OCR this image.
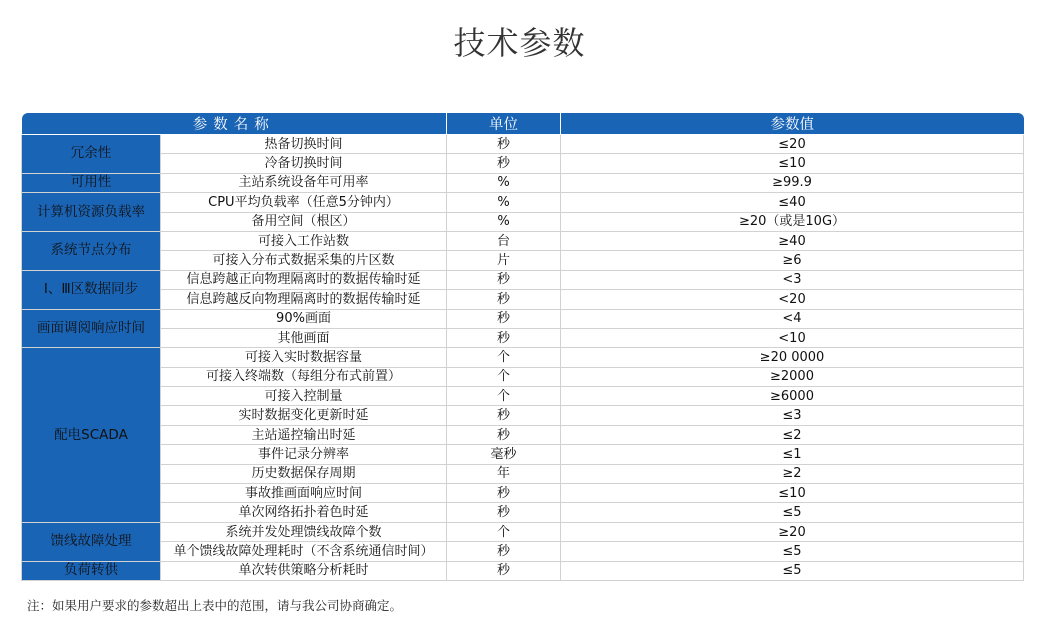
技术参数
参数名称		单位	参数值
冗余性	热备切换时间	秒	≤20
	冷备切换时间	秒	≤10
可用性	主站系统设备年可用率	%	≥99.9
计算机资源负载率	CPU平均负载率（任意5分钟内）	%	≤40
	备用空间（根区）	%	≥20（或是10G）
系统节点分布	可接入工作站数	台	≥40
	可接入分布式数据采集的片区数	片	≥6
Ⅰ、Ⅲ区数据同步	信息跨越正向物理隔离时的数据传输时延	秒	<3
	信息跨越反向物理隔离时的数据传输时延	秒	<20
画面调阅响应时间	90%画面	秒	<4
	其他画面	秒	<10
配电SCADA	可接入实时数据容量	个	≥20 0000
	可接入终端数（每组分布式前置）	个	≥2000
	可接入控制量	个	≥6000
	实时数据变化更新时延	秒	≤3
	主站遥控输出时延	秒	≤2
	事件记录分辨率	毫秒	≤1
	历史数据保存周期	年	≥2
	事故推画面响应时间	秒	≤10
	单次网络拓扑着色时延	秒	≤5
馈线故障处理	系统并发处理馈线故障个数	个	≥20
	单个馈线故障处理耗时（不含系统通信时间）	秒	≤5
负荷转供	单次转供策略分析耗时	秒	≤5
注：如果用户要求的参数超出上表中的范围，请与我公司协商确定。
